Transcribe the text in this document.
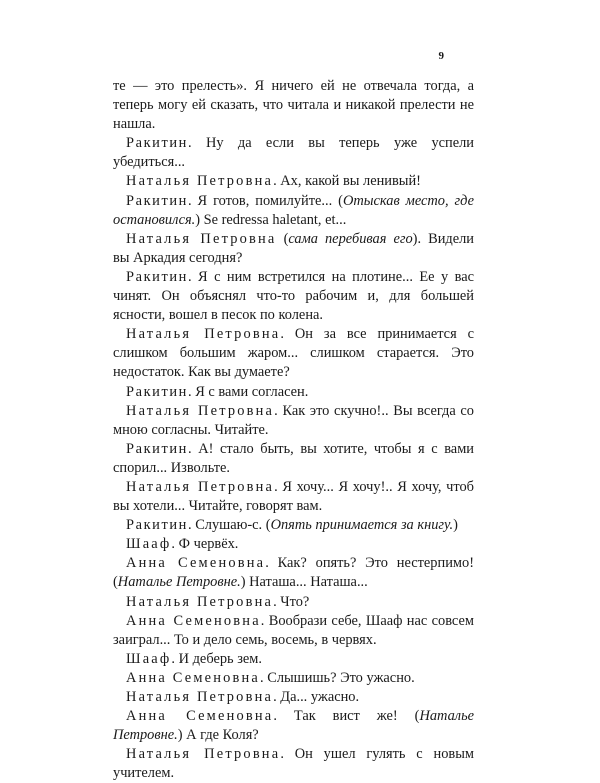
9

те — это прелесть». Я ничего ей не отвечала тогда, а теперь могу ей сказать, что читала и никакой прелести не нашла.

Ракитин. Ну да если вы теперь уже успели убедиться...

Наталья Петровна. Ах, какой вы ленивый!

Ракитин. Я готов, помилуйте... (Отыскав место, где остановился.) Se redressa haletant, et...

Наталья Петровна (сама перебивая его). Видели вы Аркадия сегодня?

Ракитин. Я с ним встретился на плотине... Ее у вас чинят. Он объяснял что-то рабочим и, для большей ясности, вошел в песок по колена.

Наталья Петровна. Он за все принимается с слишком большим жаром... слишком старается. Это недостаток. Как вы думаете?

Ракитин. Я с вами согласен.

Наталья Петровна. Как это скучно!.. Вы всегда со мною согласны. Читайте.

Ракитин. А! стало быть, вы хотите, чтобы я с вами спорил... Извольте.

Наталья Петровна. Я хочу... Я хочу!.. Я хочу, чтоб вы хотели... Читайте, говорят вам.

Ракитин. Слушаю-с. (Опять принимается за книгу.)

Шааф. Ф червёх.

Анна Семеновна. Как? опять? Это нестерпимо! (Наталье Петровне.) Наташа... Наташа...

Наталья Петровна. Что?

Анна Семеновна. Вообрази себе, Шааф нас совсем заиграл... То и дело семь, восемь, в червях.

Шааф. И деберь зем.

Анна Семеновна. Слышишь? Это ужасно.

Наталья Петровна. Да... ужасно.

Анна Семеновна. Так вист же! (Наталье Петровне.) А где Коля?

Наталья Петровна. Он ушел гулять с новым учителем.
